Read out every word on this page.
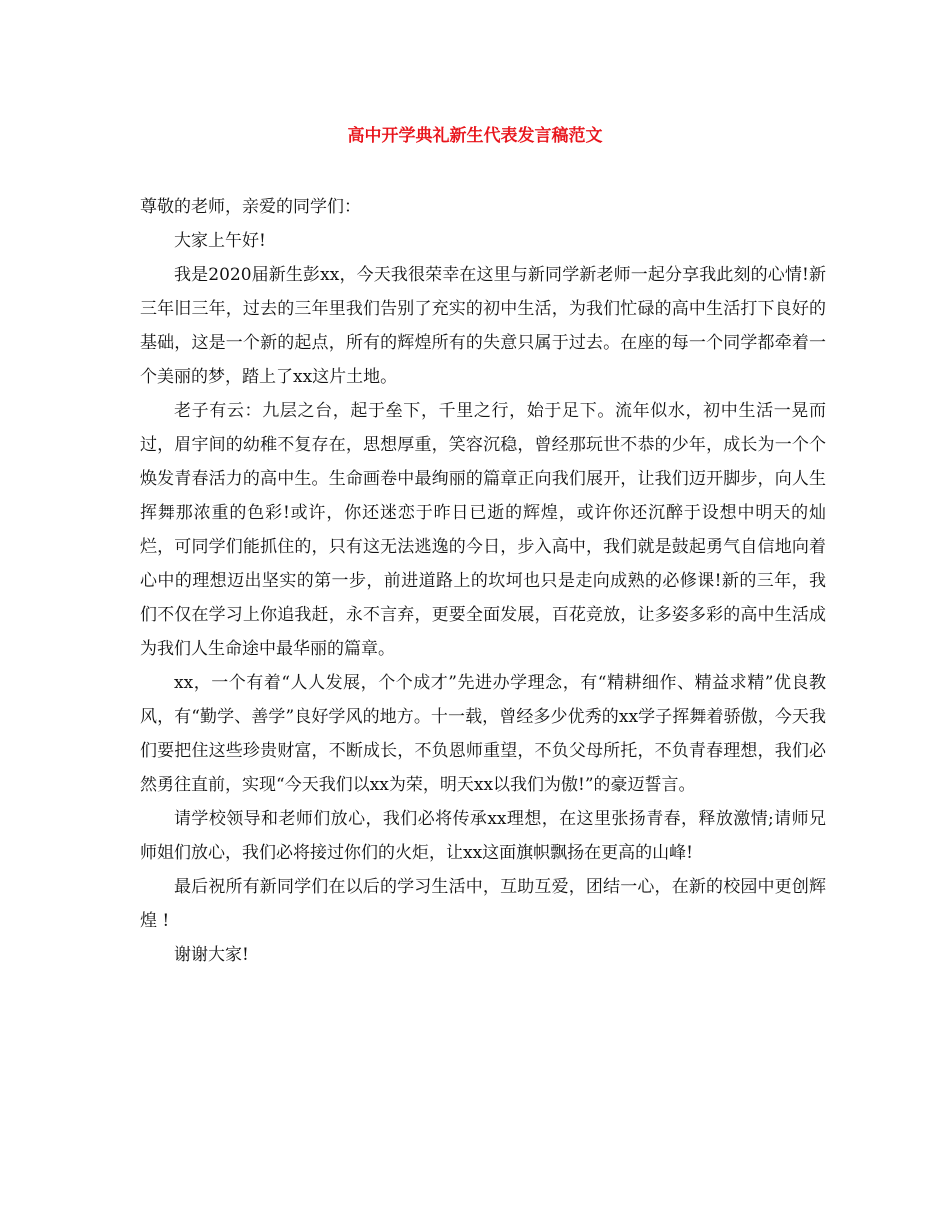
高中开学典礼新生代表发言稿范文

尊敬的老师，亲爱的同学们：

大家上午好!

我是2020届新生彭xx，今天我很荣幸在这里与新同学新老师一起分享我此刻的心情!新三年旧三年，过去的三年里我们告别了充实的初中生活，为我们忙碌的高中生活打下良好的基础，这是一个新的起点，所有的辉煌所有的失意只属于过去。在座的每一个同学都牵着一个美丽的梦，踏上了xx这片土地。

老子有云：九层之台，起于垒下，千里之行，始于足下。流年似水，初中生活一晃而过，眉宇间的幼稚不复存在，思想厚重，笑容沉稳，曾经那玩世不恭的少年，成长为一个个焕发青春活力的高中生。生命画卷中最绚丽的篇章正向我们展开，让我们迈开脚步，向人生挥舞那浓重的色彩!或许，你还迷恋于昨日已逝的辉煌，或许你还沉醉于设想中明天的灿烂，可同学们能抓住的，只有这无法逃逸的今日，步入高中，我们就是鼓起勇气自信地向着心中的理想迈出坚实的第一步，前进道路上的坎坷也只是走向成熟的必修课!新的三年，我们不仅在学习上你追我赶，永不言弃，更要全面发展，百花竞放，让多姿多彩的高中生活成为我们人生命途中最华丽的篇章。

xx，一个有着“人人发展，个个成才”先进办学理念，有“精耕细作、精益求精”优良教风，有“勤学、善学”良好学风的地方。十一载，曾经多少优秀的xx学子挥舞着骄傲，今天我们要把住这些珍贵财富，不断成长，不负恩师重望，不负父母所托，不负青春理想，我们必然勇往直前，实现“今天我们以xx为荣，明天xx以我们为傲!”的豪迈誓言。

请学校领导和老师们放心，我们必将传承xx理想，在这里张扬青春，释放激情;请师兄师姐们放心，我们必将接过你们的火炬，让xx这面旗帜飘扬在更高的山峰!

最后祝所有新同学们在以后的学习生活中，互助互爱，团结一心，在新的校园中更创辉煌 !

谢谢大家!
